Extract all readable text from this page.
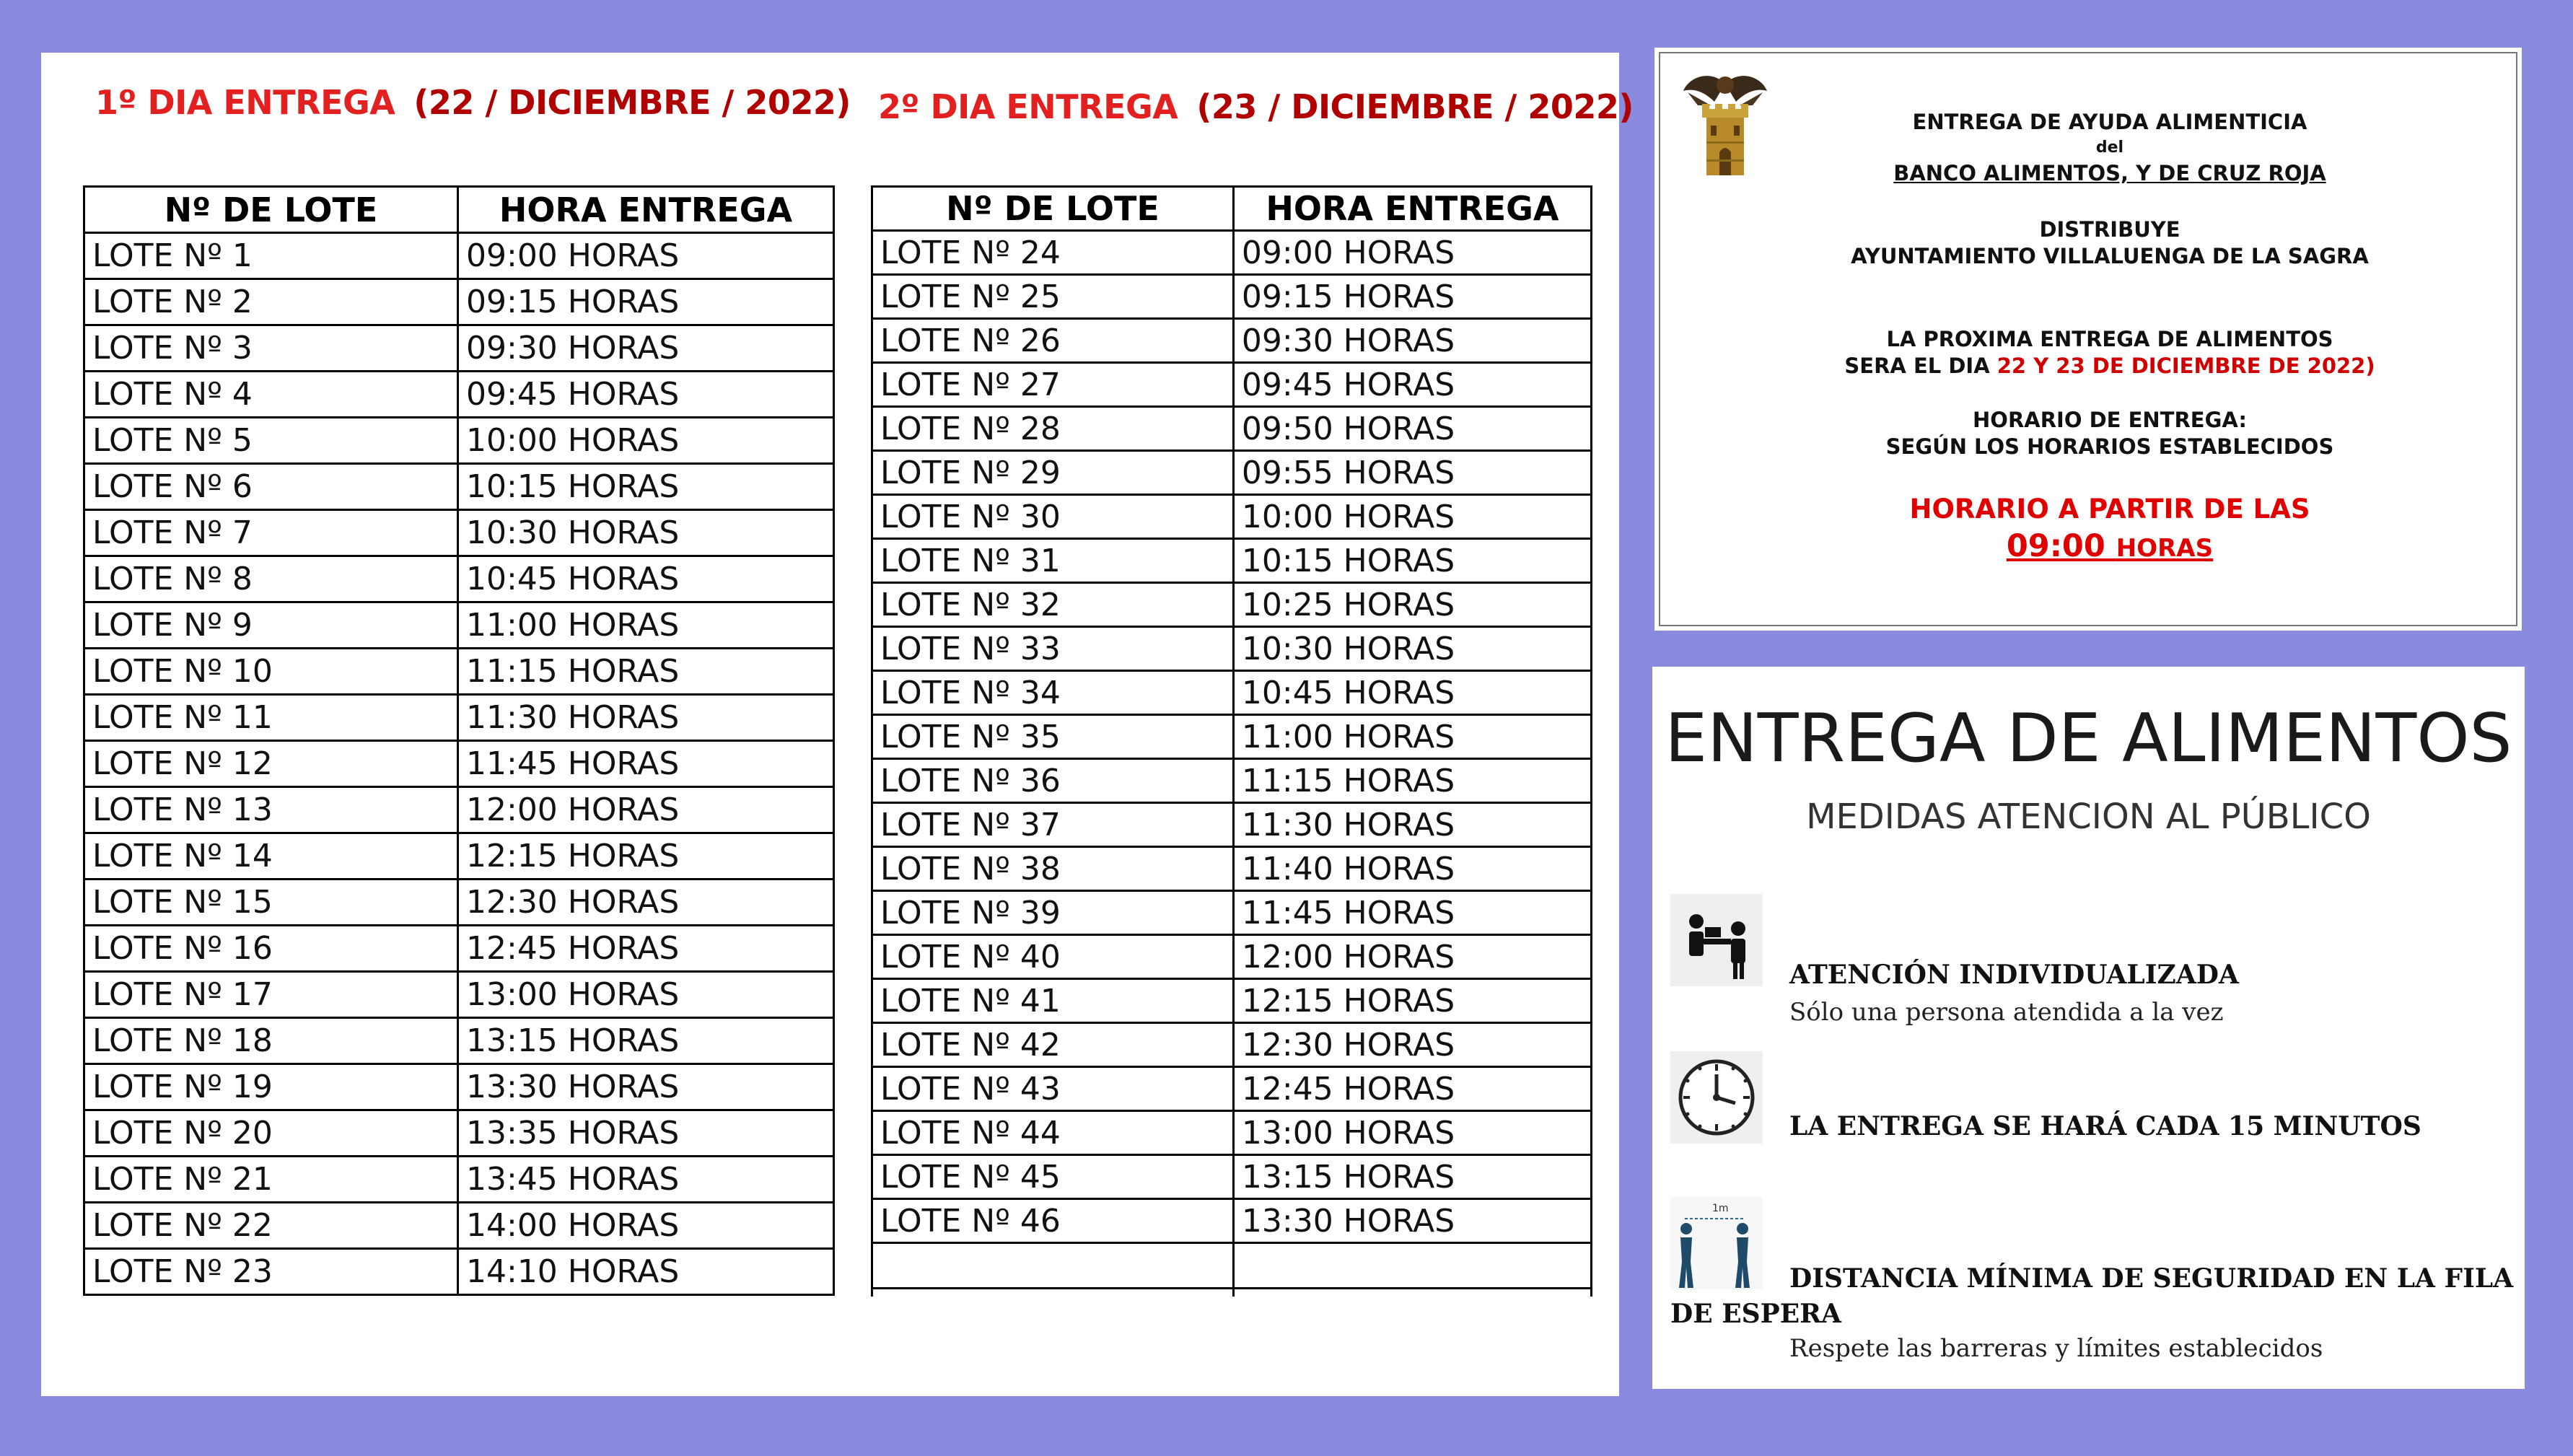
1º DIA ENTREGA (22 / DICIEMBRE / 2022) 2º DIA ENTREGA (23 / DICIEMBRE / 2022)
Nº DE LOTE	HORA ENTREGA
LOTE Nº 1	09:00 HORAS
LOTE Nº 2	09:15 HORAS
LOTE Nº 3	09:30 HORAS
LOTE Nº 4	09:45 HORAS
LOTE Nº 5	10:00 HORAS
LOTE Nº 6	10:15 HORAS
LOTE Nº 7	10:30 HORAS
LOTE Nº 8	10:45 HORAS
LOTE Nº 9	11:00 HORAS
LOTE Nº 10	11:15 HORAS
LOTE Nº 11	11:30 HORAS
LOTE Nº 12	11:45 HORAS
LOTE Nº 13	12:00 HORAS
LOTE Nº 14	12:15 HORAS
LOTE Nº 15	12:30 HORAS
LOTE Nº 16	12:45 HORAS
LOTE Nº 17	13:00 HORAS
LOTE Nº 18	13:15 HORAS
LOTE Nº 19	13:30 HORAS
LOTE Nº 20	13:35 HORAS
LOTE Nº 21	13:45 HORAS
LOTE Nº 22	14:00 HORAS
LOTE Nº 23	14:10 HORAS
Nº DE LOTE	HORA ENTREGA
LOTE Nº 24	09:00 HORAS
LOTE Nº 25	09:15 HORAS
LOTE Nº 26	09:30 HORAS
LOTE Nº 27	09:45 HORAS
LOTE Nº 28	09:50 HORAS
LOTE Nº 29	09:55 HORAS
LOTE Nº 30	10:00 HORAS
LOTE Nº 31	10:15 HORAS
LOTE Nº 32	10:25 HORAS
LOTE Nº 33	10:30 HORAS
LOTE Nº 34	10:45 HORAS
LOTE Nº 35	11:00 HORAS
LOTE Nº 36	11:15 HORAS
LOTE Nº 37	11:30 HORAS
LOTE Nº 38	11:40 HORAS
LOTE Nº 39	11:45 HORAS
LOTE Nº 40	12:00 HORAS
LOTE Nº 41	12:15 HORAS
LOTE Nº 42	12:30 HORAS
LOTE Nº 43	12:45 HORAS
LOTE Nº 44	13:00 HORAS
LOTE Nº 45	13:15 HORAS
LOTE Nº 46	13:30 HORAS

ENTREGA DE AYUDA ALIMENTICIA
del
BANCO ALIMENTOS, Y DE CRUZ ROJA
DISTRIBUYE
AYUNTAMIENTO VILLALUENGA DE LA SAGRA
LA PROXIMA ENTREGA DE ALIMENTOS
SERA EL DIA 22 Y 23 DE DICIEMBRE DE 2022)
HORARIO DE ENTREGA:
SEGÚN LOS HORARIOS ESTABLECIDOS
HORARIO A PARTIR DE LAS
09:00 HORAS
ENTREGA DE ALIMENTOS
MEDIDAS ATENCION AL PÚBLICO
ATENCIÓN INDIVIDUALIZADA
Sólo una persona atendida a la vez
LA ENTREGA SE HARÁ CADA 15 MINUTOS
1m
DISTANCIA MÍNIMA DE SEGURIDAD EN LA FILA
DE ESPERA
Respete las barreras y límites establecidos
